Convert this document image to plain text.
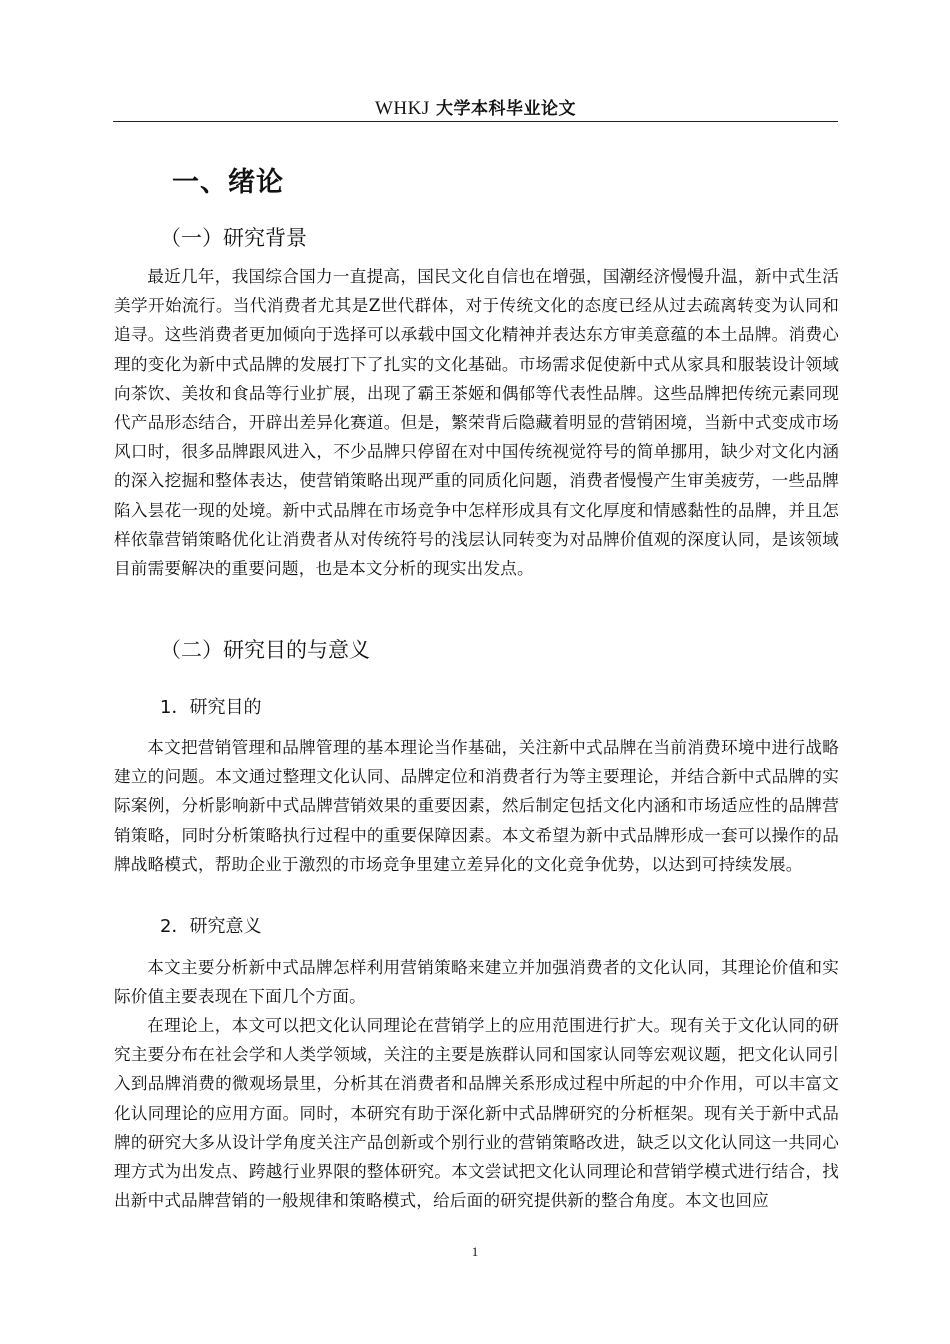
WHKJ 大学本科毕业论文
一、绪论
（一）研究背景

最近几年，我国综合国力一直提高，国民文化自信也在增强，国潮经济慢慢升温，新中式生活美学开始流行。当代消费者尤其是Z世代群体，对于传统文化的态度已经从过去疏离转变为认同和追寻。这些消费者更加倾向于选择可以承载中国文化精神并表达东方审美意蕴的本土品牌。消费心理的变化为新中式品牌的发展打下了扎实的文化基础。市场需求促使新中式从家具和服装设计领域向茶饮、美妆和食品等行业扩展，出现了霸王茶姬和偶郁等代表性品牌。这些品牌把传统元素同现代产品形态结合，开辟出差异化赛道。但是，繁荣背后隐藏着明显的营销困境，当新中式变成市场风口时，很多品牌跟风进入，不少品牌只停留在对中国传统视觉符号的简单挪用，缺少对文化内涵的深入挖掘和整体表达，使营销策略出现严重的同质化问题，消费者慢慢产生审美疲劳，一些品牌陷入昙花一现的处境。新中式品牌在市场竞争中怎样形成具有文化厚度和情感黏性的品牌，并且怎样依靠营销策略优化让消费者从对传统符号的浅层认同转变为对品牌价值观的深度认同，是该领域目前需要解决的重要问题，也是本文分析的现实出发点。

（二）研究目的与意义
1．研究目的

本文把营销管理和品牌管理的基本理论当作基础，关注新中式品牌在当前消费环境中进行战略建立的问题。本文通过整理文化认同、品牌定位和消费者行为等主要理论，并结合新中式品牌的实际案例，分析影响新中式品牌营销效果的重要因素，然后制定包括文化内涵和市场适应性的品牌营销策略，同时分析策略执行过程中的重要保障因素。本文希望为新中式品牌形成一套可以操作的品牌战略模式，帮助企业于激烈的市场竞争里建立差异化的文化竞争优势，以达到可持续发展。

2．研究意义

本文主要分析新中式品牌怎样利用营销策略来建立并加强消费者的文化认同，其理论价值和实际价值主要表现在下面几个方面。

在理论上，本文可以把文化认同理论在营销学上的应用范围进行扩大。现有关于文化认同的研究主要分布在社会学和人类学领域，关注的主要是族群认同和国家认同等宏观议题，把文化认同引入到品牌消费的微观场景里，分析其在消费者和品牌关系形成过程中所起的中介作用，可以丰富文化认同理论的应用方面。同时，本研究有助于深化新中式品牌研究的分析框架。现有关于新中式品牌的研究大多从设计学角度关注产品创新或个别行业的营销策略改进，缺乏以文化认同这一共同心理方式为出发点、跨越行业界限的整体研究。本文尝试把文化认同理论和营销学模式进行结合，找出新中式品牌营销的一般规律和策略模式，给后面的研究提供新的整合角度。本文也回应

1
